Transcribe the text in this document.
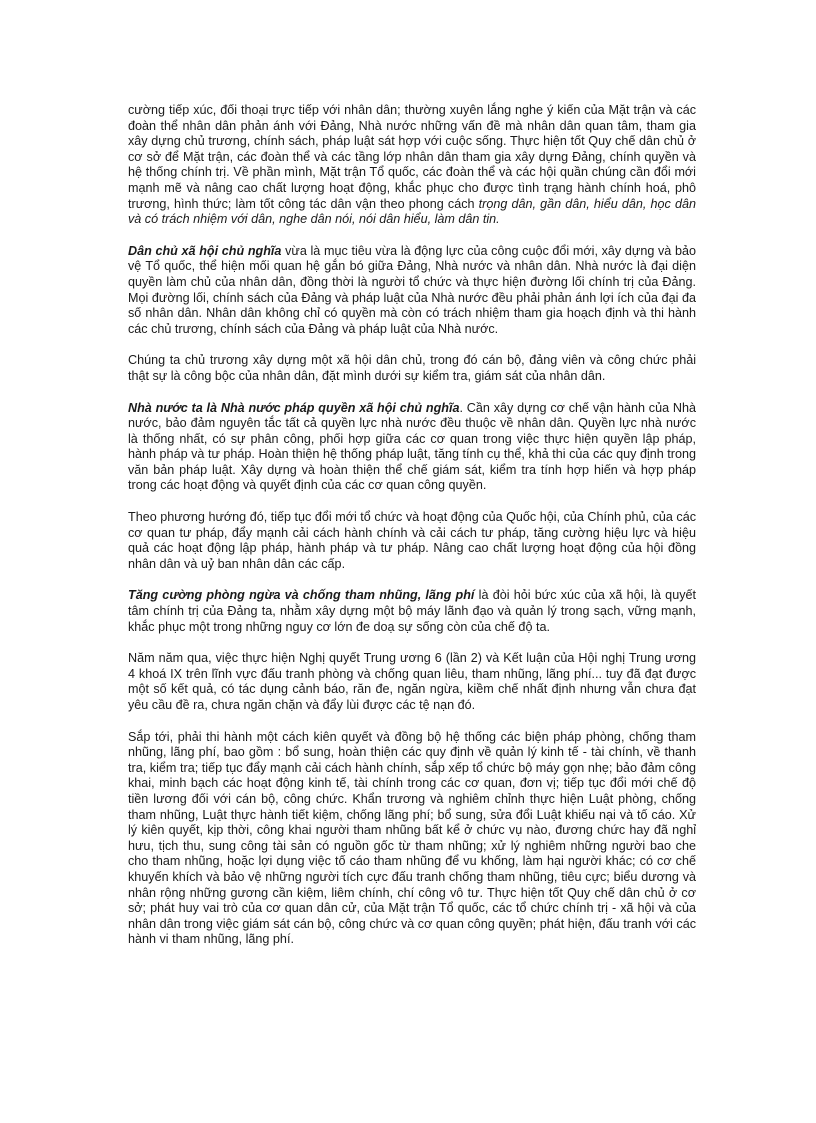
cường tiếp xúc, đối thoại trực tiếp với nhân dân; thường xuyên lắng nghe ý kiến của Mặt trận và các đoàn thể nhân dân phản ánh với Đảng, Nhà nước những vấn đề mà nhân dân quan tâm, tham gia xây dựng chủ trương, chính sách, pháp luật sát hợp với cuộc sống. Thực hiện tốt Quy chế dân chủ ở cơ sở để Mặt trận, các đoàn thể và các tầng lớp nhân dân tham gia xây dựng Đảng, chính quyền và hệ thống chính trị. Về phần mình, Mặt trận Tổ quốc, các đoàn thể và các hội quần chúng cần đổi mới mạnh mẽ và nâng cao chất lượng hoạt động, khắc phục cho được tình trạng hành chính hoá, phô trương, hình thức; làm tốt công tác dân vận theo phong cách trọng dân, gần dân, hiểu dân, học dân và có trách nhiệm với dân, nghe dân nói, nói dân hiểu, làm dân tin.

Dân chủ xã hội chủ nghĩa vừa là mục tiêu vừa là động lực của công cuộc đổi mới, xây dựng và bảo vệ Tổ quốc, thể hiện mối quan hệ gắn bó giữa Đảng, Nhà nước và nhân dân. Nhà nước là đại diện quyền làm chủ của nhân dân, đồng thời là người tổ chức và thực hiện đường lối chính trị của Đảng. Mọi đường lối, chính sách của Đảng và pháp luật của Nhà nước đều phải phản ánh lợi ích của đại đa số nhân dân. Nhân dân không chỉ có quyền mà còn có trách nhiệm tham gia hoạch định và thi hành các chủ trương, chính sách của Đảng và pháp luật của Nhà nước.

Chúng ta chủ trương xây dựng một xã hội dân chủ, trong đó cán bộ, đảng viên và công chức phải thật sự là công bộc của nhân dân, đặt mình dưới sự kiểm tra, giám sát của nhân dân.

Nhà nước ta là Nhà nước pháp quyền xã hội chủ nghĩa. Cần xây dựng cơ chế vận hành của Nhà nước, bảo đảm nguyên tắc tất cả quyền lực nhà nước đều thuộc về nhân dân. Quyền lực nhà nước là thống nhất, có sự phân công, phối hợp giữa các cơ quan trong việc thực hiện quyền lập pháp, hành pháp và tư pháp. Hoàn thiện hệ thống pháp luật, tăng tính cụ thể, khả thi của các quy định trong văn bản pháp luật. Xây dựng và hoàn thiện thể chế giám sát, kiểm tra tính hợp hiến và hợp pháp trong các hoạt động và quyết định của các cơ quan công quyền.

Theo phương hướng đó, tiếp tục đổi mới tổ chức và hoạt động của Quốc hội, của Chính phủ, của các cơ quan tư pháp, đẩy mạnh cải cách hành chính và cải cách tư pháp, tăng cường hiệu lực và hiệu quả các hoạt động lập pháp, hành pháp và tư pháp. Nâng cao chất lượng hoạt động của hội đồng nhân dân và uỷ ban nhân dân các cấp.

Tăng cường phòng ngừa và chống tham nhũng, lãng phí là đòi hỏi bức xúc của xã hội, là quyết tâm chính trị của Đảng ta, nhằm xây dựng một bộ máy lãnh đạo và quản lý trong sạch, vững mạnh, khắc phục một trong những nguy cơ lớn đe doạ sự sống còn của chế độ ta.

Năm năm qua, việc thực hiện Nghị quyết Trung ương 6 (lần 2) và Kết luận của Hội nghị Trung ương 4 khoá IX trên lĩnh vực đấu tranh phòng và chống quan liêu, tham nhũng, lãng phí... tuy đã đạt được một số kết quả, có tác dụng cảnh báo, răn đe, ngăn ngừa, kiềm chế nhất định nhưng vẫn chưa đạt yêu cầu đề ra, chưa ngăn chặn và đẩy lùi được các tệ nạn đó.

Sắp tới, phải thi hành một cách kiên quyết và đồng bộ hệ thống các biện pháp phòng, chống tham nhũng, lãng phí, bao gồm : bổ sung, hoàn thiện các quy định về quản lý kinh tế - tài chính, về thanh tra, kiểm tra; tiếp tục đẩy mạnh cải cách hành chính, sắp xếp tổ chức bộ máy gọn nhẹ; bảo đảm công khai, minh bạch các hoạt động kinh tế, tài chính trong các cơ quan, đơn vị; tiếp tục đổi mới chế độ tiền lương đối với cán bộ, công chức. Khẩn trương và nghiêm chỉnh thực hiện Luật phòng, chống tham nhũng, Luật thực hành tiết kiệm, chống lãng phí; bổ sung, sửa đổi Luật khiếu nại và tố cáo. Xử lý kiên quyết, kịp thời, công khai người tham nhũng bất kể ở chức vụ nào, đương chức hay đã nghỉ hưu, tịch thu, sung công tài sản có nguồn gốc từ tham nhũng; xử lý nghiêm những người bao che cho tham nhũng, hoặc lợi dụng việc tố cáo tham nhũng để vu khống, làm hại người khác; có cơ chế khuyến khích và bảo vệ những người tích cực đấu tranh chống tham nhũng, tiêu cực; biểu dương và nhân rộng những gương cần kiệm, liêm chính, chí công vô tư. Thực hiện tốt Quy chế dân chủ ở cơ sở; phát huy vai trò của cơ quan dân cử, của Mặt trận Tổ quốc, các tổ chức chính trị - xã hội và của nhân dân trong việc giám sát cán bộ, công chức và cơ quan công quyền; phát hiện, đấu tranh với các hành vi tham nhũng, lãng phí.
